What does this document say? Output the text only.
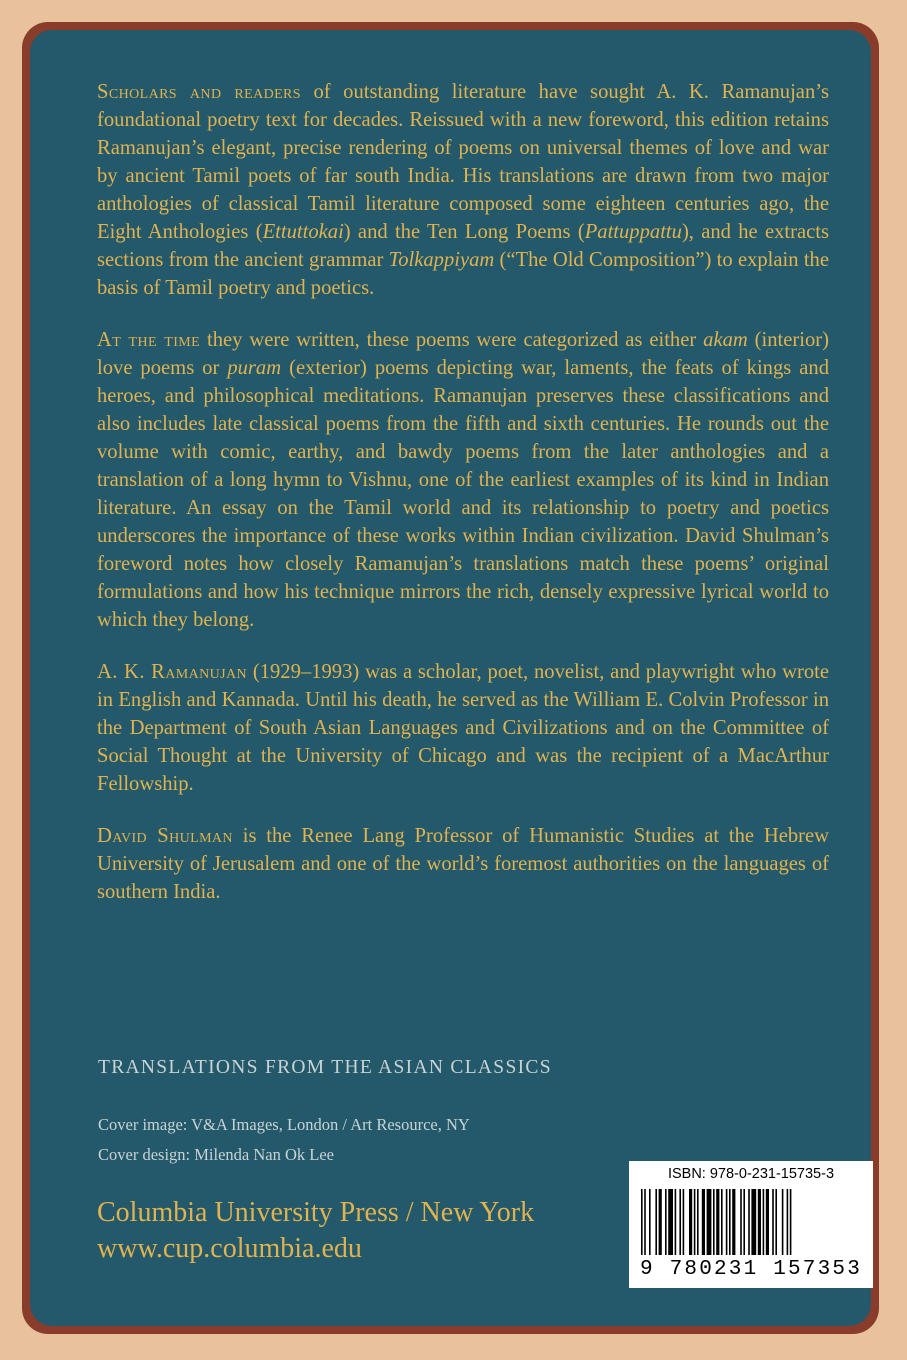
Scholars and readers of outstanding literature have sought A. K. Ramanujan’s foundational poetry text for decades. Reissued with a new foreword, this edition retains Ramanujan’s elegant, precise rendering of poems on universal themes of love and war by ancient Tamil poets of far south India. His translations are drawn from two major anthologies of classical Tamil literature composed some eighteen centuries ago, the Eight Anthologies (Ettuttokai) and the Ten Long Poems (Pattuppattu), and he extracts sections from the ancient grammar Tolkappiyam (“The Old Composition”) to explain the basis of Tamil poetry and poetics.

At the time they were written, these poems were categorized as either akam (interior) love poems or puram (exterior) poems depicting war, laments, the feats of kings and heroes, and philosophical meditations. Ramanujan preserves these classifications and also includes late classical poems from the fifth and sixth centuries. He rounds out the volume with comic, earthy, and bawdy poems from the later anthologies and a translation of a long hymn to Vishnu, one of the earliest examples of its kind in Indian literature. An essay on the Tamil world and its relationship to poetry and poetics underscores the importance of these works within Indian civilization. David Shulman’s foreword notes how closely Ramanujan’s translations match these poems’ original formulations and how his technique mirrors the rich, densely expressive lyrical world to which they belong.

A. K. Ramanujan (1929–1993) was a scholar, poet, novelist, and playwright who wrote in English and Kannada. Until his death, he served as the William E. Colvin Professor in the Department of South Asian Languages and Civilizations and on the Committee of Social Thought at the University of Chicago and was the recipient of a MacArthur Fellowship.

David Shulman is the Renee Lang Professor of Humanistic Studies at the Hebrew University of Jerusalem and one of the world’s foremost authorities on the languages of southern India.

TRANSLATIONS FROM THE ASIAN CLASSICS
Cover image: V&A Images, London / Art Resource, NY
Cover design: Milenda Nan Ok Lee
Columbia University Press / New York
www.cup.columbia.edu
ISBN: 978-0-231-15735-3
9 780231 157353
